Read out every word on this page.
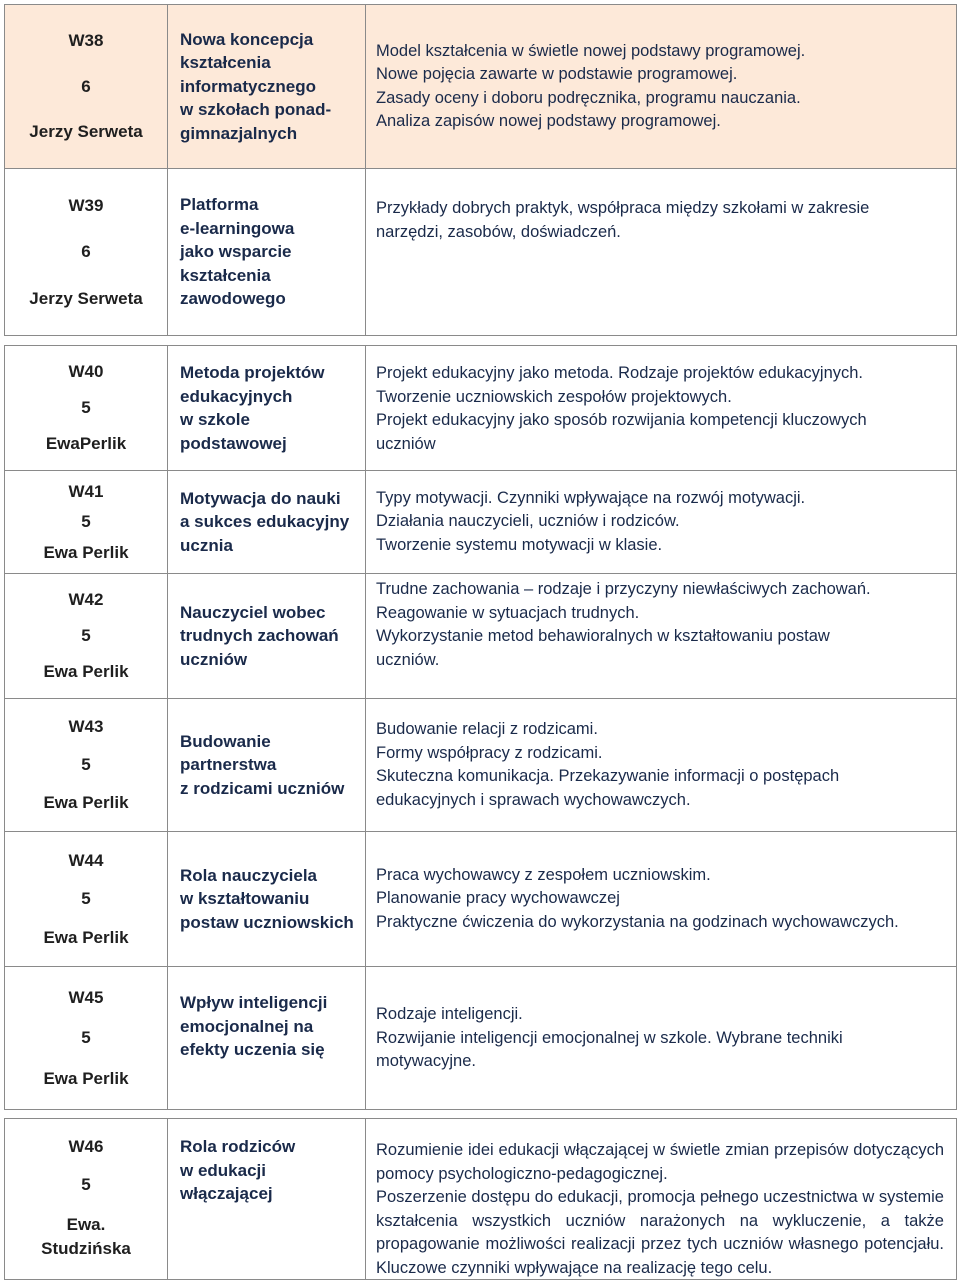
W38
6
Jerzy Serweta
Nowa koncepcja
kształcenia
informatycznego
w szkołach ponad-
gimnazjalnych
Model kształcenia w świetle nowej podstawy programowej.
Nowe pojęcia zawarte w podstawie programowej.
Zasady oceny i doboru podręcznika, programu nauczania.
Analiza zapisów nowej podstawy programowej.
W39
6
Jerzy Serweta
Platforma
e-learningowa
jako wsparcie
kształcenia
zawodowego
Przykłady dobrych praktyk, współpraca między szkołami w zakresie
narzędzi, zasobów, doświadczeń.
W40
5
EwaPerlik
Metoda projektów
edukacyjnych
w szkole
podstawowej
Projekt edukacyjny jako metoda. Rodzaje projektów edukacyjnych.
Tworzenie uczniowskich zespołów projektowych.
Projekt edukacyjny jako sposób rozwijania kompetencji kluczowych
uczniów
W41
5
Ewa Perlik
Motywacja do nauki
a sukces edukacyjny
ucznia
Typy motywacji. Czynniki wpływające na rozwój motywacji.
Działania nauczycieli, uczniów i rodziców.
Tworzenie systemu motywacji w klasie.
W42
5
Ewa Perlik
Nauczyciel wobec
trudnych zachowań
uczniów
Trudne zachowania – rodzaje i przyczyny niewłaściwych zachowań.
Reagowanie w sytuacjach trudnych.
Wykorzystanie metod behawioralnych w kształtowaniu postaw
uczniów.
W43
5
Ewa Perlik
Budowanie
partnerstwa
z rodzicami uczniów
Budowanie relacji z rodzicami.
Formy współpracy z rodzicami.
Skuteczna komunikacja. Przekazywanie informacji o postępach
edukacyjnych i sprawach wychowawczych.
W44
5
Ewa Perlik
Rola nauczyciela
w kształtowaniu
postaw uczniowskich
Praca wychowawcy z zespołem uczniowskim.
Planowanie pracy wychowawczej
Praktyczne ćwiczenia do wykorzystania na godzinach wychowawczych.
W45
5
Ewa Perlik
Wpływ inteligencji
emocjonalnej na
efekty uczenia się
Rodzaje inteligencji.
Rozwijanie inteligencji emocjonalnej w szkole. Wybrane techniki
motywacyjne.
W46
5
Ewa.
Studzińska
Rola rodziców
w edukacji
włączającej
Rozumienie idei edukacji włączającej w świetle zmian przepisów dotyczących pomocy psychologiczno-pedagogicznej.
Poszerzenie dostępu do edukacji, promocja pełnego uczestnictwa w systemie kształcenia wszystkich uczniów narażonych na wykluczenie, a także propagowanie możliwości realizacji przez tych uczniów własnego potencjału. Kluczowe czynniki wpływające na realizację tego celu.
